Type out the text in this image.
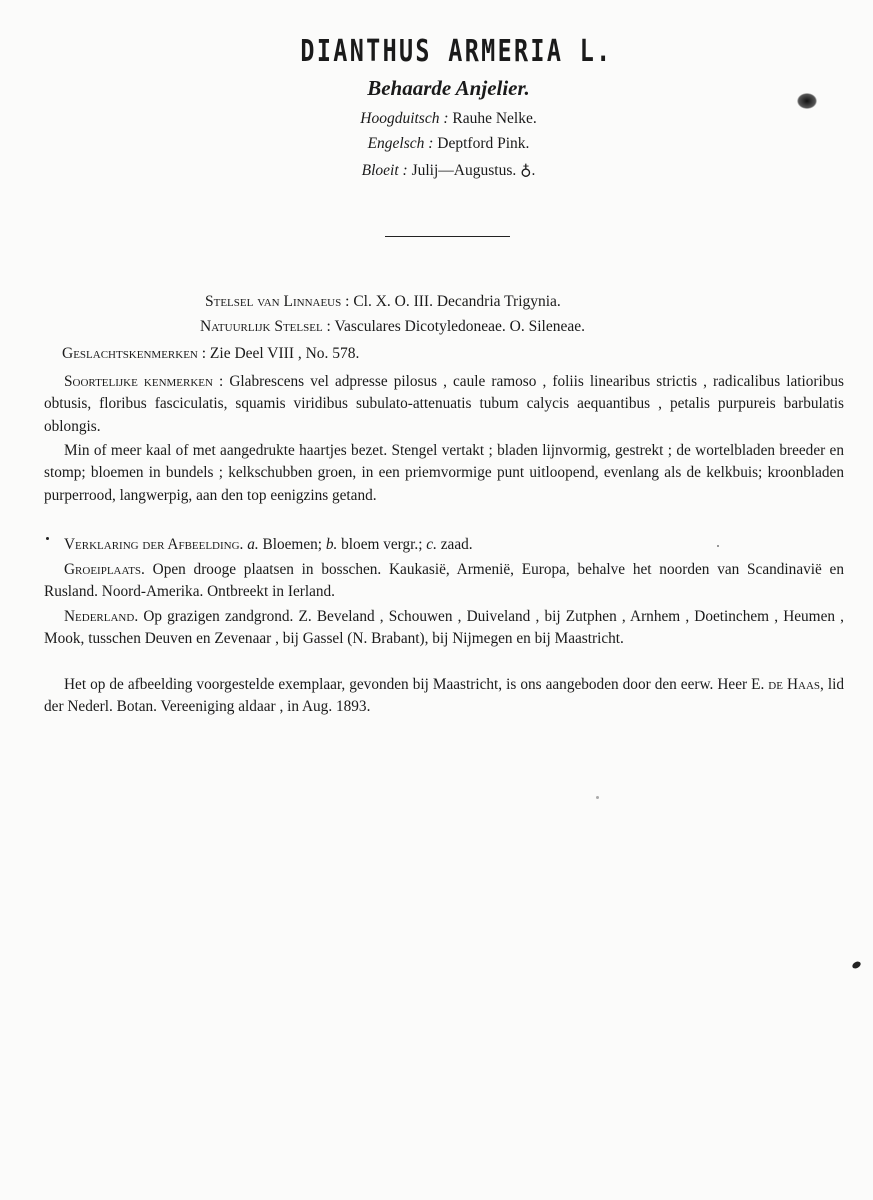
DIANTHUS ARMERIA L.
Behaarde Anjelier.
Hoogduitsch : Rauhe Nelke.
Engelsch : Deptford Pink.
Bloeit : Julij—Augustus. ♁.
Stelsel van Linnaeus : Cl. X. O. III. Decandria Trigynia.
Natuurlijk Stelsel : Vasculares Dicotyledoneae. O. Sileneae.
Geslachtskenmerken : Zie Deel VIII , No. 578.
Soortelijke kenmerken : Glabrescens vel adpresse pilosus , caule ramoso , foliis linearibus strictis , radicalibus latioribus obtusis, floribus fasciculatis, squamis viridibus subulato-attenuatis tubum calycis aequantibus , petalis purpureis barbulatis oblongis.
Min of meer kaal of met aangedrukte haartjes bezet. Stengel vertakt ; bladen lijnvormig, gestrekt ; de wortelbladen breeder en stomp; bloemen in bundels ; kelkschubben groen, in een priemvormige punt uitloopend, evenlang als de kelkbuis; kroonbladen purperrood, langwerpig, aan den top eenigzins getand.
Verklaring der Afbeelding. a. Bloemen; b. bloem vergr.; c. zaad.
Groeiplaats. Open drooge plaatsen in bosschen. Kaukasië, Armenië, Europa, behalve het noorden van Scandinavië en Rusland. Noord-Amerika. Ontbreekt in Ierland.
Nederland. Op grazigen zandgrond. Z. Beveland , Schouwen , Duiveland , bij Zutphen , Arnhem , Doetinchem , Heumen , Mook, tusschen Deuven en Zevenaar , bij Gassel (N. Brabant), bij Nijmegen en bij Maastricht.
Het op de afbeelding voorgestelde exemplaar, gevonden bij Maastricht, is ons aangeboden door den eerw. Heer E. de Haas, lid der Nederl. Botan. Vereeniging aldaar , in Aug. 1893.
